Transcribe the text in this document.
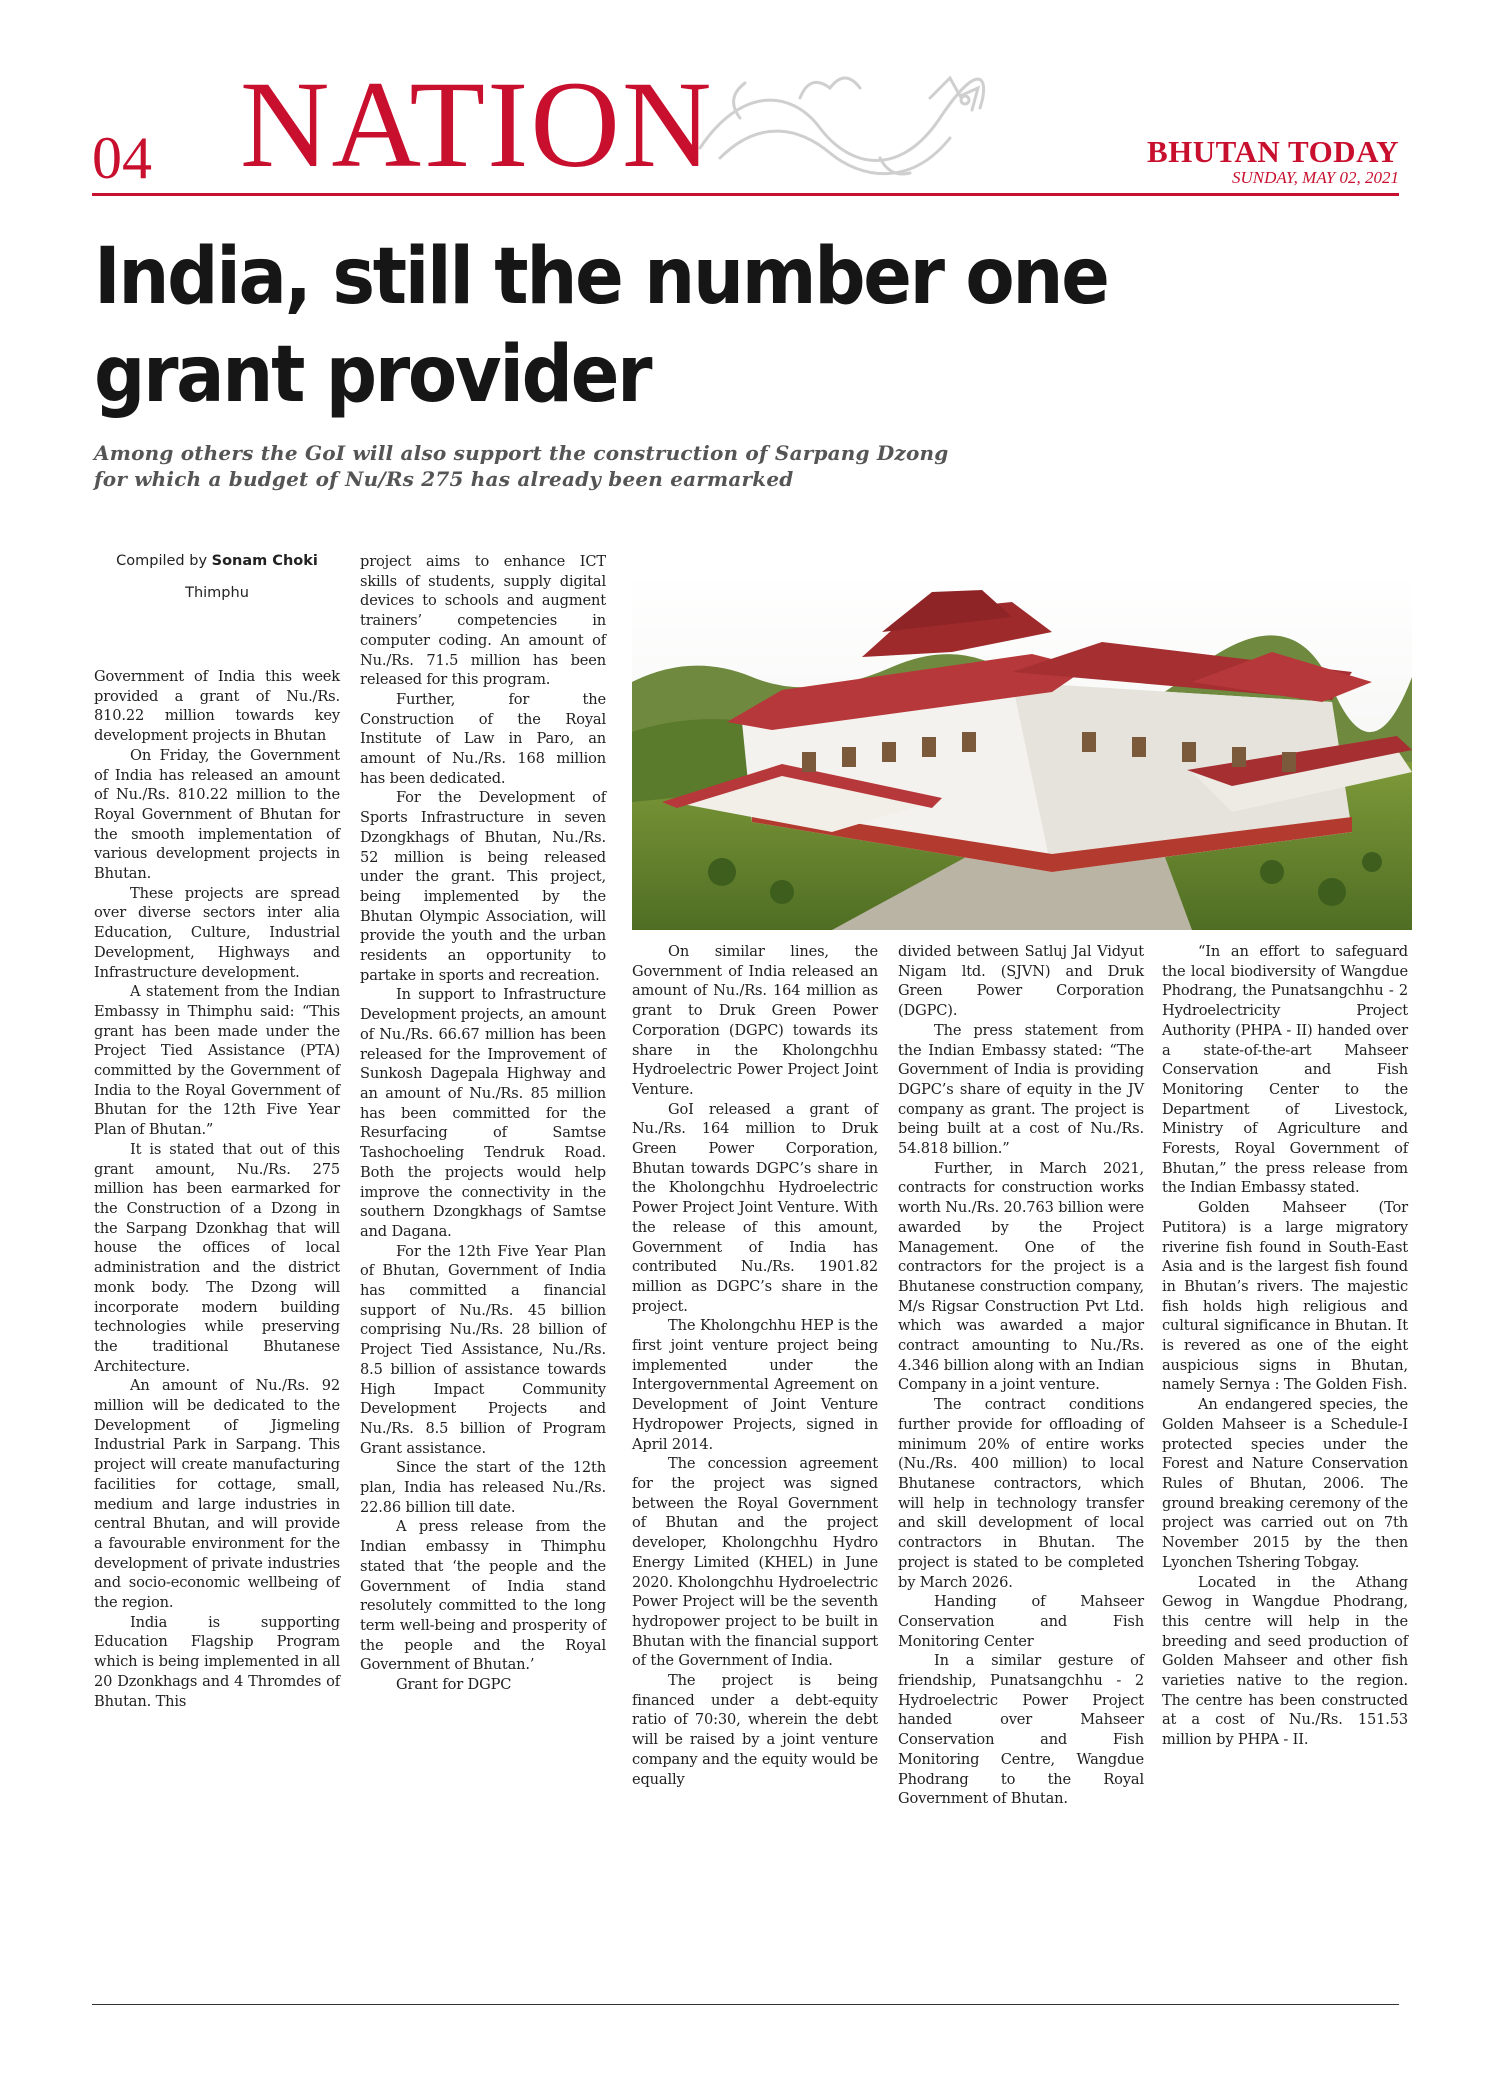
04 NATION	BHUTAN TODAY
SUNDAY, MAY 02, 2021
India, still the number one grant provider
Among others the GoI will also support the construction of Sarpang Dzong
for which a budget of Nu/Rs 275 has already been earmarked
Compiled by Sonam Choki
Thimphu

Government of India this week provided a grant of Nu./Rs. 810.22 million towards key development projects in Bhutan

On Friday, the Government of India has released an amount of Nu./Rs. 810.22 million to the Royal Government of Bhutan for the smooth implementation of various development projects in Bhutan.

These projects are spread over diverse sectors inter alia Education, Culture, Industrial Development, Highways and Infrastructure development.

A statement from the Indian Embassy in Thimphu said: “This grant has been made under the Project Tied Assistance (PTA) committed by the Government of India to the Royal Government of Bhutan for the 12th Five Year Plan of Bhutan.”

It is stated that out of this grant amount, Nu./Rs. 275 million has been earmarked for the Construction of a Dzong in the Sarpang Dzonkhag that will house the offices of local administration and the district monk body. The Dzong will incorporate modern building technologies while preserving the traditional Bhutanese Architecture.

An amount of Nu./Rs. 92 million will be dedicated to the Development of Jigmeling Industrial Park in Sarpang. This project will create manufacturing facilities for cottage, small, medium and large industries in central Bhutan, and will provide a favourable environment for the development of private industries and socio-economic wellbeing of the region.

India is supporting Education Flagship Program which is being implemented in all 20 Dzonkhags and 4 Thromdes of Bhutan. This

project aims to enhance ICT skills of students, supply digital devices to schools and augment trainers’ competencies in computer coding. An amount of Nu./Rs. 71.5 million has been released for this program.

Further, for the Construction of the Royal Institute of Law in Paro, an amount of Nu./Rs. 168 million has been dedicated.

For the Development of Sports Infrastructure in seven Dzongkhags of Bhutan, Nu./Rs. 52 million is being released under the grant. This project, being implemented by the Bhutan Olympic Association, will provide the youth and the urban residents an opportunity to partake in sports and recreation.

In support to Infrastructure Development projects, an amount of Nu./Rs. 66.67 million has been released for the Improvement of Sunkosh Dagepala Highway and an amount of Nu./Rs. 85 million has been committed for the Resurfacing of Samtse Tashochoeling Tendruk Road. Both the projects would help improve the connectivity in the southern Dzongkhags of Samtse and Dagana.

For the 12th Five Year Plan of Bhutan, Government of India has committed a financial support of Nu./Rs. 45 billion comprising Nu./Rs. 28 billion of Project Tied Assistance, Nu./Rs. 8.5 billion of assistance towards High Impact Community Development Projects and Nu./Rs. 8.5 billion of Program Grant assistance.

Since the start of the 12th plan, India has released Nu./Rs. 22.86 billion till date.

A press release from the Indian embassy in Thimphu stated that ‘the people and the Government of India stand resolutely committed to the long term well-being and prosperity of the people and the Royal Government of Bhutan.’

Grant for DGPC

On similar lines, the Government of India released an amount of Nu./Rs. 164 million as grant to Druk Green Power Corporation (DGPC) towards its share in the Kholongchhu Hydroelectric Power Project Joint Venture.

GoI released a grant of Nu./Rs. 164 million to Druk Green Power Corporation, Bhutan towards DGPC’s share in the Kholongchhu Hydroelectric Power Project Joint Venture. With the release of this amount, Government of India has contributed Nu./Rs. 1901.82 million as DGPC’s share in the project.

The Kholongchhu HEP is the first joint venture project being implemented under the Intergovernmental Agreement on Development of Joint Venture Hydropower Projects, signed in April 2014.

The concession agreement for the project was signed between the Royal Government of Bhutan and the project developer, Kholongchhu Hydro Energy Limited (KHEL) in June 2020. Kholongchhu Hydroelectric Power Project will be the seventh hydropower project to be built in Bhutan with the financial support of the Government of India.

The project is being financed under a debt-equity ratio of 70:30, wherein the debt will be raised by a joint venture company and the equity would be equally

divided between Satluj Jal Vidyut Nigam ltd. (SJVN) and Druk Green Power Corporation (DGPC).

The press statement from the Indian Embassy stated: “The Government of India is providing DGPC’s share of equity in the JV company as grant. The project is being built at a cost of Nu./Rs. 54.818 billion.”

Further, in March 2021, contracts for construction works worth Nu./Rs. 20.763 billion were awarded by the Project Management. One of the contractors for the project is a Bhutanese construction company, M/s Rigsar Construction Pvt Ltd. which was awarded a major contract amounting to Nu./Rs. 4.346 billion along with an Indian Company in a joint venture.

The contract conditions further provide for offloading of minimum 20% of entire works (Nu./Rs. 400 million) to local Bhutanese contractors, which will help in technology transfer and skill development of local contractors in Bhutan. The project is stated to be completed by March 2026.

Handing of Mahseer Conservation and Fish Monitoring Center

In a similar gesture of friendship, Punatsangchhu - 2 Hydroelectric Power Project handed over Mahseer Conservation and Fish Monitoring Centre, Wangdue Phodrang to the Royal Government of Bhutan.

“In an effort to safeguard the local biodiversity of Wangdue Phodrang, the Punatsangchhu - 2 Hydroelectricity Project Authority (PHPA - II) handed over a state-of-the-art Mahseer Conservation and Fish Monitoring Center to the Department of Livestock, Ministry of Agriculture and Forests, Royal Government of Bhutan,” the press release from the Indian Embassy stated.

Golden Mahseer (Tor Putitora) is a large migratory riverine fish found in South-East Asia and is the largest fish found in Bhutan’s rivers. The majestic fish holds high religious and cultural significance in Bhutan. It is revered as one of the eight auspicious signs in Bhutan, namely Sernya : The Golden Fish.

An endangered species, the Golden Mahseer is a Schedule-I protected species under the Forest and Nature Conservation Rules of Bhutan, 2006. The ground breaking ceremony of the project was carried out on 7th November 2015 by the then Lyonchen Tshering Tobgay.

Located in the Athang Gewog in Wangdue Phodrang, this centre will help in the breeding and seed production of Golden Mahseer and other fish varieties native to the region. The centre has been constructed at a cost of Nu./Rs. 151.53 million by PHPA - II.
